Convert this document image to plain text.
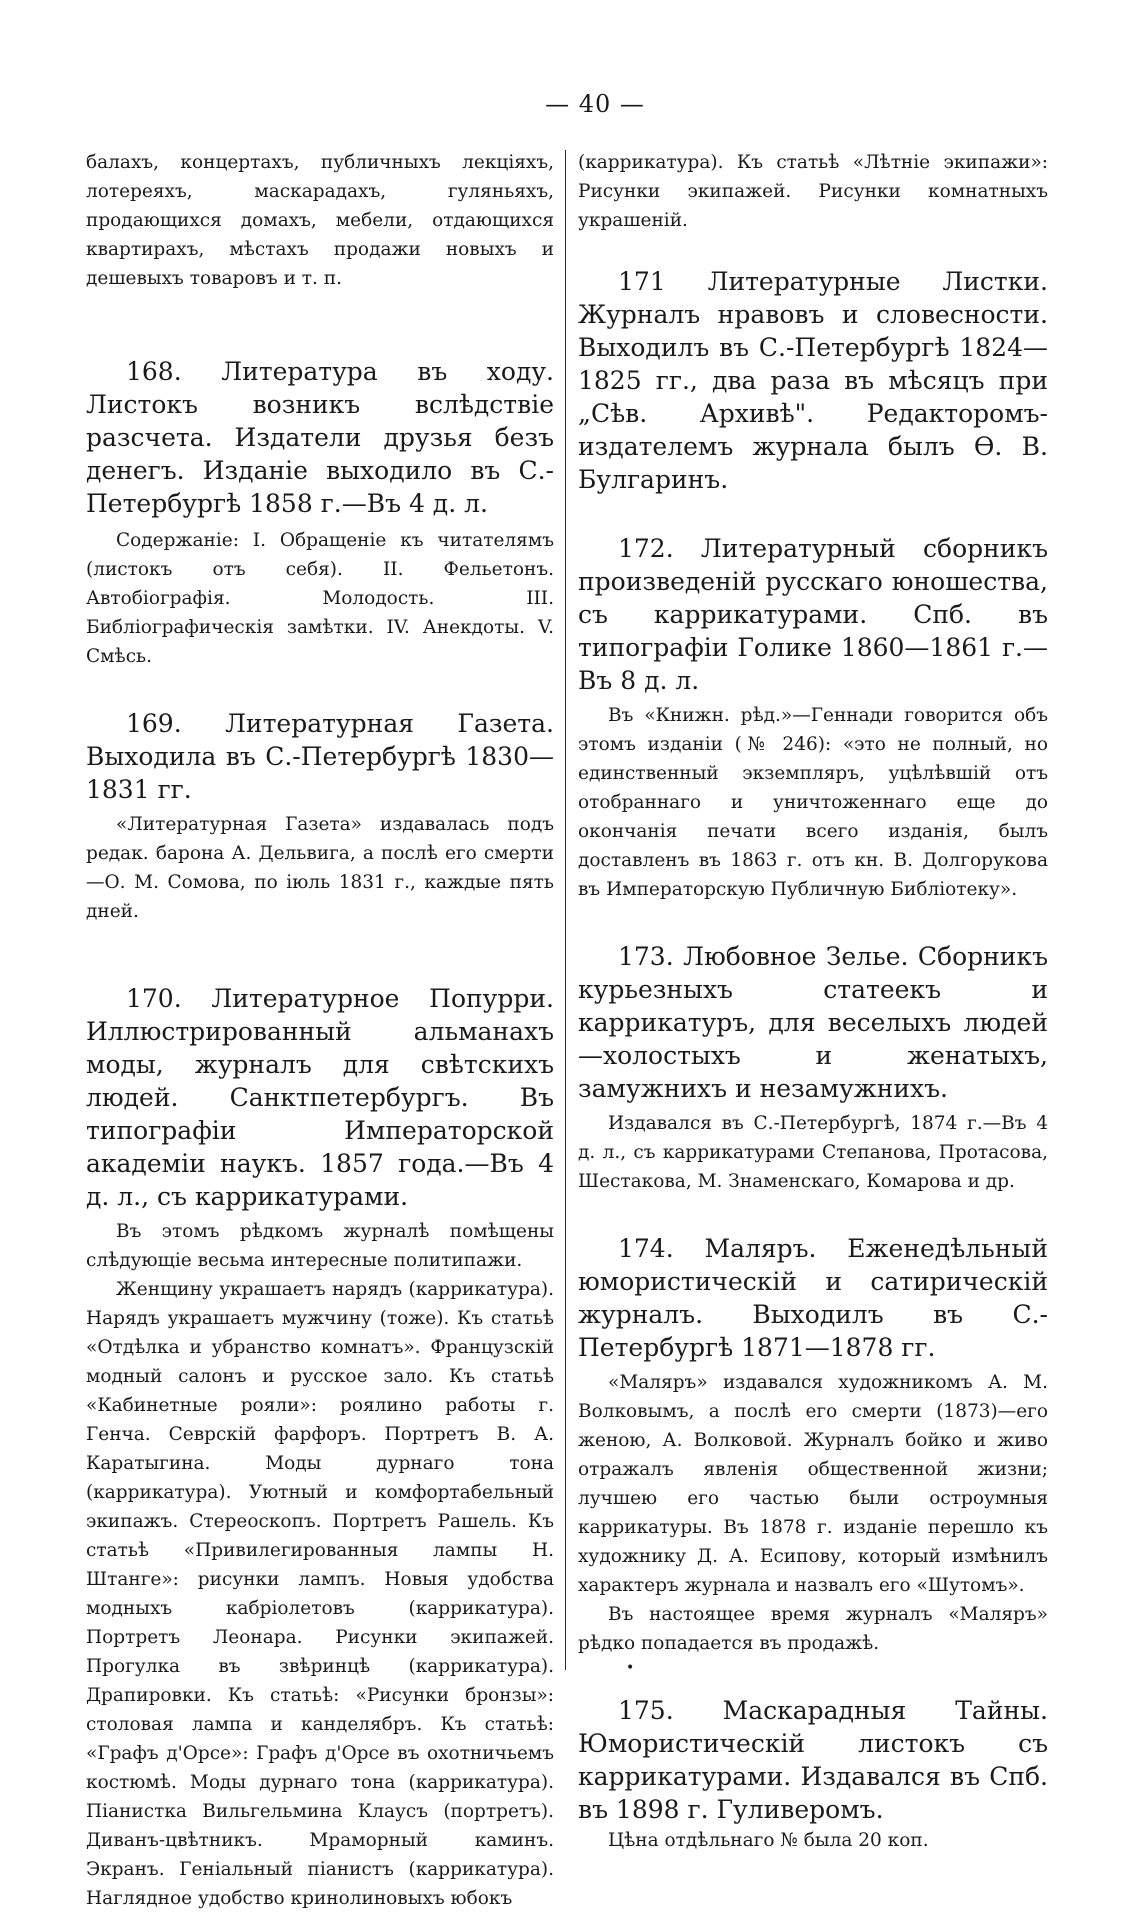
— 40 —

балахъ, концертахъ, публичныхъ лекціяхъ, лотереяхъ, маскарадахъ, гуляньяхъ, продающихся домахъ, мебели, отдающихся квартирахъ, мѣстахъ продажи новыхъ и дешевыхъ товаровъ и т. п.

168. Литература въ ходу. Листокъ возникъ вслѣдствіе разсчета. Издатели друзья безъ денегъ. Изданіе выходило въ С.-Петербургѣ 1858 г.—Въ 4 д. л.

Содержаніе: I. Обращеніе къ читателямъ (листокъ отъ себя). II. Фельетонъ. Автобіографія. Молодость. III. Библіографическія замѣтки. IV. Анекдоты. V. Смѣсь.

169. Литературная Газета. Выходила въ С.-Петербургѣ 1830—1831 гг.

«Литературная Газета» издавалась подъ редак. барона А. Дельвига, а послѣ его смерти—О. М. Сомова, по іюль 1831 г., каждые пять дней.

170. Литературное Попурри. Иллюстрированный альманахъ моды, журналъ для свѣтскихъ людей. Санктпетербургъ. Въ типографіи Императорской академіи наукъ. 1857 года.—Въ 4 д. л., съ каррикатурами.

Въ этомъ рѣдкомъ журналѣ помѣщены слѣдующіе весьма интересные политипажи.

Женщину украшаетъ нарядъ (каррикатура). Нарядъ украшаетъ мужчину (тоже). Къ статьѣ «Отдѣлка и убранство комнатъ». Французскій модный салонъ и русское зало. Къ статьѣ «Кабинетные рояли»: роялино работы г. Генча. Севрскій фарфоръ. Портретъ В. А. Каратыгина. Моды дурнаго тона (каррикатура). Уютный и комфортабельный экипажъ. Стереоскопъ. Портретъ Рашель. Къ статьѣ «Привилегированныя лампы Н. Штанге»: рисунки лампъ. Новыя удобства модныхъ кабріолетовъ (каррикатура). Портретъ Леонара. Рисунки экипажей. Прогулка въ звѣринцѣ (каррикатура). Драпировки. Къ статьѣ: «Рисунки бронзы»: столовая лампа и канделябръ. Къ статьѣ: «Графъ д'Орсе»: Графъ д'Орсе въ охотничьемъ костюмѣ. Моды дурнаго тона (каррикатура). Піанистка Вильгельмина Клаусъ (портретъ). Диванъ-цвѣтникъ. Мраморный каминъ. Экранъ. Геніальный піанистъ (каррикатура). Наглядное удобство кринолиновыхъ юбокъ

(каррикатура). Къ статьѣ «Лѣтніе экипажи»: Рисунки экипажей. Рисунки комнатныхъ украшеній.

171 Литературные Листки. Журналъ нравовъ и словесности. Выходилъ въ С.-Петербургѣ 1824—1825 гг., два раза въ мѣсяцъ при „Сѣв. Архивѣ". Редакторомъ-издателемъ журнала былъ Ѳ. В. Булгаринъ.

172. Литературный сборникъ произведеній русскаго юношества, съ каррикатурами. Спб. въ типографіи Голике 1860—1861 г.—Въ 8 д. л.

Въ «Книжн. рѣд.»—Геннади говорится объ этомъ изданіи (№ 246): «это не полный, но единственный экземпляръ, уцѣлѣвшій отъ отобраннаго и уничтоженнаго еще до окончанія печати всего изданія, былъ доставленъ въ 1863 г. отъ кн. В. Долгорукова въ Императорскую Публичную Библіотеку».

173. Любовное Зелье. Сборникъ курьезныхъ статеекъ и каррикатуръ, для веселыхъ людей—холостыхъ и женатыхъ, замужнихъ и незамужнихъ.

Издавался въ С.-Петербургѣ, 1874 г.—Въ 4 д. л., съ каррикатурами Степанова, Протасова, Шестакова, М. Знаменскаго, Комарова и др.

174. Маляръ. Еженедѣльный юмористическій и сатирическій журналъ. Выходилъ въ С.-Петербургѣ 1871—1878 гг.

«Маляръ» издавался художникомъ А. М. Волковымъ, а послѣ его смерти (1873)—его женою, А. Волковой. Журналъ бойко и живо отражалъ явленія общественной жизни; лучшею его частью были остроумныя каррикатуры. Въ 1878 г. изданіе перешло къ художнику Д. А. Есипову, который измѣнилъ характеръ журнала и назвалъ его «Шутомъ».

Въ настоящее время журналъ «Маляръ» рѣдко попадается въ продажѣ.

175. Маскарадныя Тайны. Юмористическій листокъ съ каррикатурами. Издавался въ Спб. въ 1898 г. Гуливеромъ.

Цѣна отдѣльнаго № была 20 коп.

•
